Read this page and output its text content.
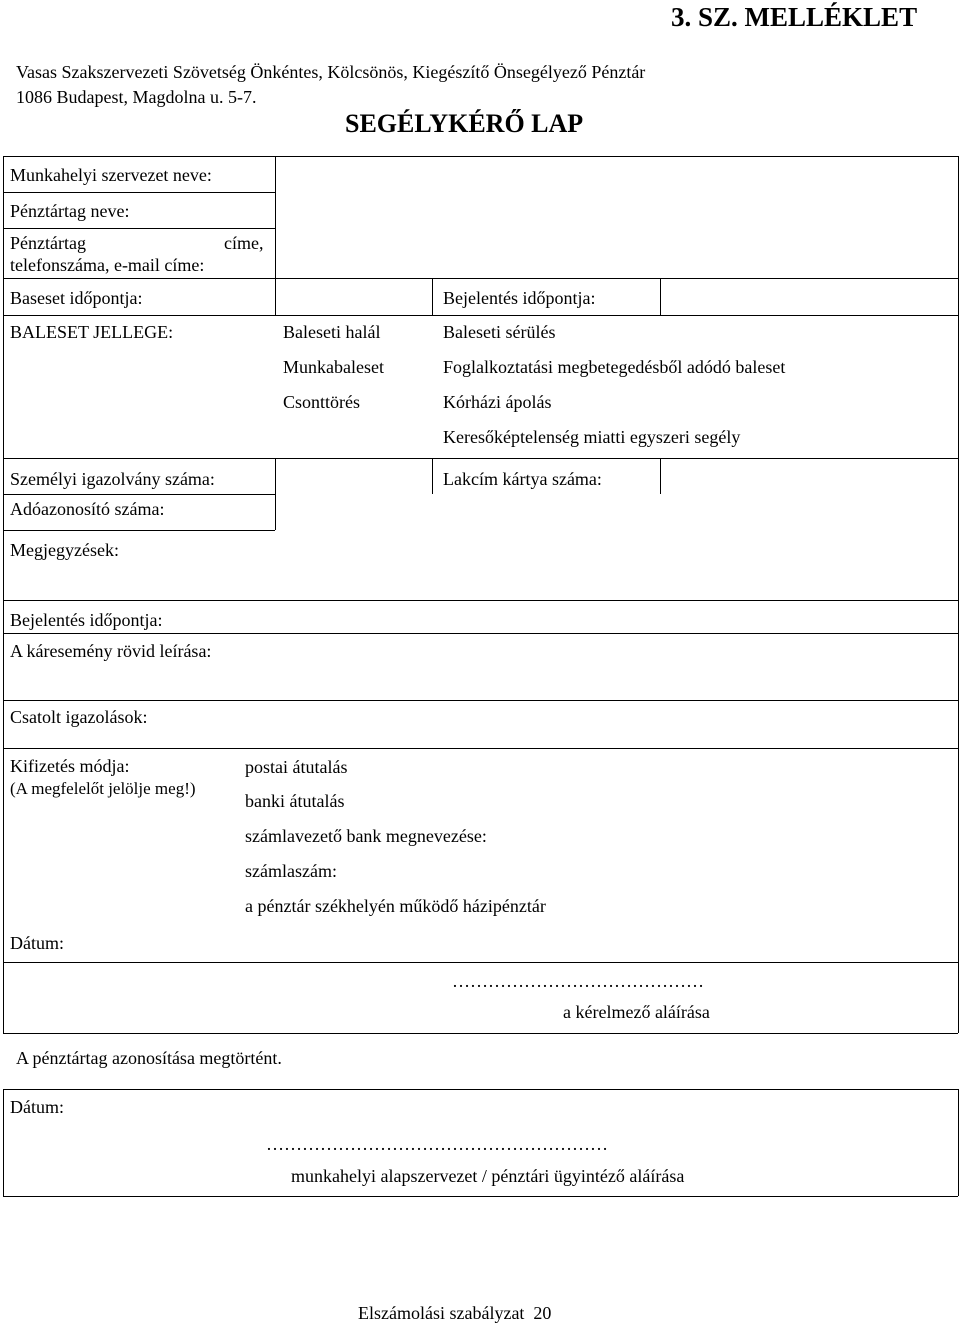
3. SZ. MELLÉKLET
Vasas Szakszervezeti Szövetség Önkéntes, Kölcsönös, Kiegészítő Önsegélyező Pénztár
1086 Budapest, Magdolna u. 5-7.
SEGÉLYKÉRŐ LAP
Munkahelyi szervezet neve:
Pénztártag neve:
Pénztártag	címe,
telefonszáma, e-mail címe:
Baseset időpontja:	Bejelentés időpontja:
BALESET JELLEGE:	Baleseti halál
Munkabaleset
Csonttörés
Baleseti sérülés
Foglalkoztatási megbetegedésből adódó baleset
Kórházi ápolás
Keresőképtelenség miatti egyszeri segély
Személyi igazolvány száma:	Lakcím kártya száma:
Adóazonosító száma:
Megjegyzések:
Bejelentés időpontja:
A káresemény rövid leírása:
Csatolt igazolások:
Kifizetés módja:
(A megfelelőt jelölje meg!)
postai átutalás
banki átutalás
számlavezető bank megnevezése:
számlaszám:
a pénztár székhelyén működő házipénztár
Dátum:
……………………………………
a kérelmező aláírása
A pénztártag azonosítása megtörtént.
Dátum:
…………………………………………………
munkahelyi alapszervezet / pénztári ügyintéző aláírása
Elszámolási szabályzat  20
